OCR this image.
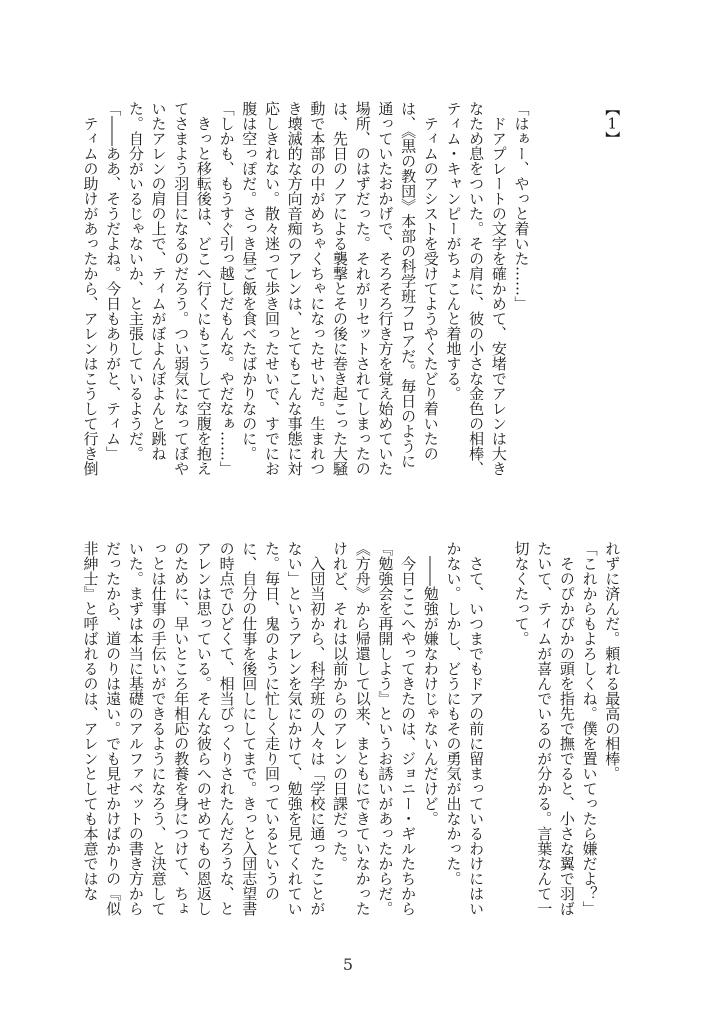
【1】
「はぁー、やっと着いた……」
　ドアプレートの文字を確かめて、安堵でアレンは大き
なため息をついた。その肩に、彼の小さな金色の相棒、
ティム・キャンピーがちょこんと着地する。
　ティムのアシストを受けてようやくたどり着いたの
は、《黒の教団》本部の科学班フロアだ。毎日のように
通っていたおかげで、そろそろ行き方を覚え始めていた
場所、のはずだった。それがリセットされてしまったの
は、先日のノアによる襲撃とその後に巻き起こった大騒
動で本部の中がめちゃくちゃになったせいだ。生まれつ
き壊滅的な方向音痴のアレンは、とてもこんな事態に対
応しきれない。散々迷って歩き回ったせいで、すでにお
腹は空っぽだ。さっき昼ご飯を食べたばかりなのに。
「しかも、もうすぐ引っ越しだもんな。やだなぁ……」
　きっと移転後は、どこへ行くにもこうして空腹を抱え
てさまよう羽目になるのだろう。つい弱気になってぼや
いたアレンの肩の上で、ティムがぼよんぼよんと跳ね
た。自分がいるじゃないか、と主張しているようだ。
「――ああ、そうだよね。今日もありがと、ティム」
　ティムの助けがあったから、アレンはこうして行き倒
れずに済んだ。頼れる最高の相棒。
「これからもよろしくね。僕を置いてったら嫌だよ？」
　そのぴかぴかの頭を指先で撫でると、小さな翼で羽ば
たいて、ティムが喜んでいるのが分かる。言葉なんて一
切なくたって。
　さて、いつまでもドアの前に留まっているわけにはい
かない。しかし、どうにもその勇気が出なかった。
　――勉強が嫌なわけじゃないんだけど。
　今日ここへやってきたのは、ジョニー・ギルたちから
『勉強会を再開しよう』というお誘いがあったからだ。
《方舟》から帰還して以来、まともにできていなかった
けれど、それは以前からのアレンの日課だった。
　入団当初から、科学班の人々は「学校に通ったことが
ない」というアレンを気にかけて、勉強を見てくれてい
た。毎日、鬼のように忙しく走り回っているというの
に、自分の仕事を後回しにしてまで。きっと入団志望書
の時点でひどくて、相当びっくりされたんだろうな、と
アレンは思っている。そんな彼らへのせめてもの恩返し
のために、早いところ年相応の教養を身につけて、ちょ
っとは仕事の手伝いができるようになろう、と決意して
いた。まずは本当に基礎のアルファベットの書き方から
だったから、道のりは遠い。でも見せかけばかりの『似
非紳士』と呼ばれるのは、アレンとしても本意ではな
5
